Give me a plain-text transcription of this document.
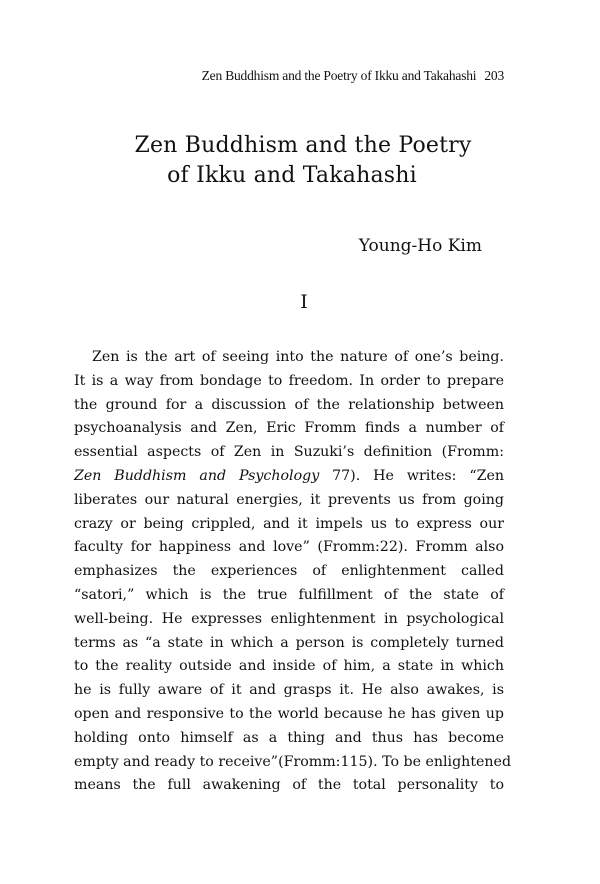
Zen Buddhism and the Poetry of Ikku and Takahashi 203
Zen Buddhism and the Poetry
of Ikku and Takahashi
Young-Ho Kim
I
Zen is the art of seeing into the nature of one’s being.
It is a way from bondage to freedom. In order to prepare
the ground for a discussion of the relationship between
psychoanalysis and Zen, Eric Fromm finds a number of
essential aspects of Zen in Suzuki’s definition (Fromm:
Zen Buddhism and Psychology 77). He writes: “Zen
liberates our natural energies, it prevents us from going
crazy or being crippled, and it impels us to express our
faculty for happiness and love” (Fromm:22). Fromm also
emphasizes the experiences of enlightenment called
“satori,” which is the true fulfillment of the state of
well-being. He expresses enlightenment in psychological
terms as “a state in which a person is completely turned
to the reality outside and inside of him, a state in which
he is fully aware of it and grasps it. He also awakes, is
open and responsive to the world because he has given up
holding onto himself as a thing and thus has become
empty and ready to receive”(Fromm:115). To be enlightened
means the full awakening of the total personality to
